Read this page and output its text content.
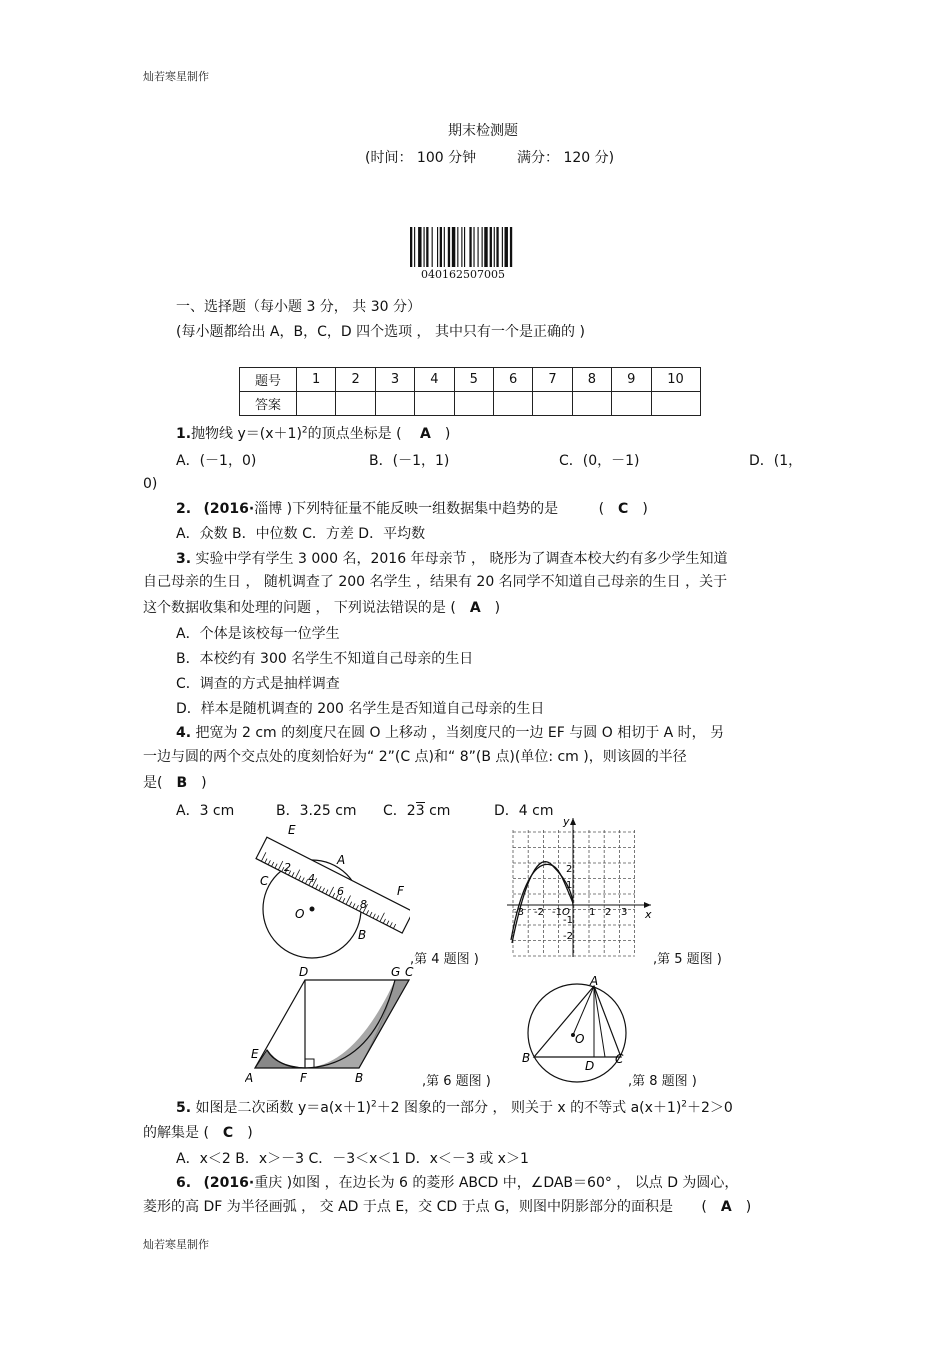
灿若寒星制作
灿若寒星制作
期末检测题
(时间： 100 分钟	满分： 120 分)
040162507005
一、选择题（每小题 3 分， 共 30 分）
(每小题都给出 A，B，C，D 四个选项 ， 其中只有一个是正确的 )
题号	1	2	3	4	5	6	7	8	9	10
答案										
1.抛物线 $y=(x+1)^2$的顶点坐标是 ( A )
A．(－1，0)	B．(－1，1)	C．(0，－1)	D．(1，
0)
2. (2016·淄博 )下列特征量不能反映一组数据集中趋势的是	( C )
A．众数 B．中位数 C．方差 D．平均数
3. 实验中学有学生 3 000 名，2016 年母亲节 ， 晓彤为了调查本校大约有多少学生知道
自己母亲的生日 ， 随机调查了 200 名学生 ，结果有 20 名同学不知道自己母亲的生日 ，关于
这个数据收集和处理的问题 ， 下列说法错误的是 ( A )
A．个体是该校每一位学生
B．本校约有 300 名学生不知道自己母亲的生日
C．调查的方式是抽样调查
D．样本是随机调查的 200 名学生是否知道自己母亲的生日
4. 把宽为 2 cm 的刻度尺在圆 O 上移动 ，当刻度尺的一边 EF 与圆 O 相切于 A 时， 另
一边与圆的两个交点处的度刻恰好为“ 2”(C 点)和“ 8”(B 点)(单位: cm )，则该圆的半径
是( B )
A．3 cm	B．3.25 cm C．23 cm	D．4 cm
E
A
C
F
O
B
2
4
6
8
,第 4 题图 )
y
x
O
-3 -2 -1	1 2 3
2
1
-1
-2
,第 5 题图 )
D	G C
E
A	F	B	,第 6 题图 )
A
O
B
D C
,第 8 题图 )
5. 如图是二次函数 $y=a(x+1)^2+2$ 图象的一部分 ， 则关于 x 的不等式 $a(x+1)^2+2>0$
的解集是 ( C )
A．x＜2 B．x＞－3 C．－3＜x＜1 D．x＜－3 或 x＞1
6. (2016·重庆 )如图 ，在边长为 6 的菱形 ABCD 中，∠DAB＝60° ， 以点 D 为圆心，
菱形的高 DF 为半径画弧 ， 交 AD 于点 E，交 CD 于点 G，则图中阴影部分的面积是 ( A )
